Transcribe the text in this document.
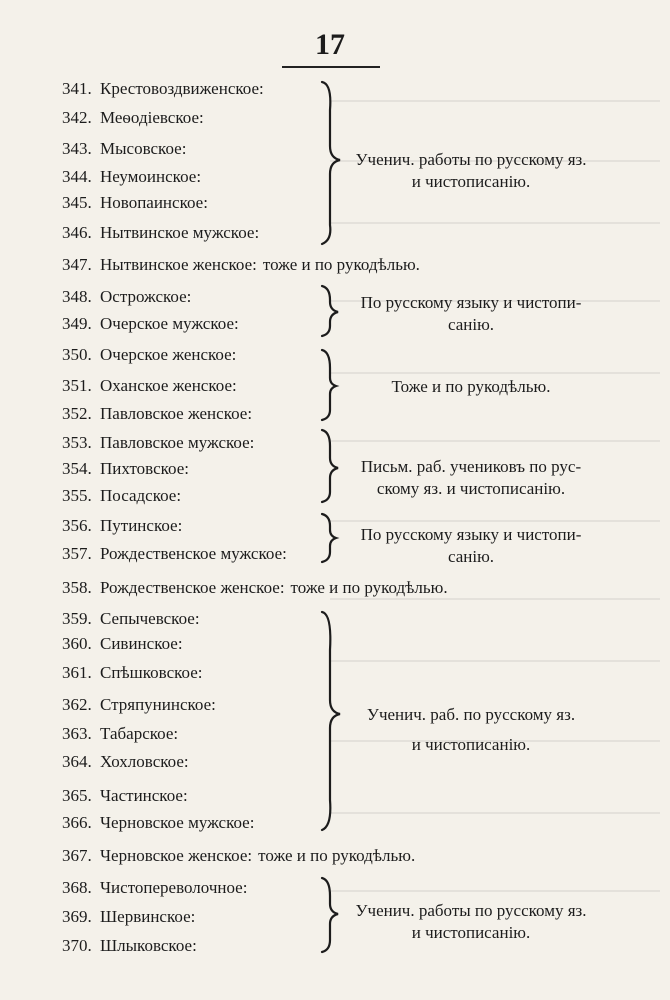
17
341. Крестовоздвиженское:
342. Меѳодіевское:
343. Мысовское:
344. Неумоинское:
345. Новопаинское:
346. Нытвинское мужское:
347. Нытвинское женское: тоже и по рукодѣлью.
348. Острожское:
349. Очерское мужское:
350. Очерское женское:
351. Оханское женское:
352. Павловское женское:
353. Павловское мужское:
354. Пихтовское:
355. Посадское:
356. Путинское:
357. Рождественское мужское:
358. Рождественское женское: тоже и по рукодѣлью.
359. Сепычевское:
360. Сивинское:
361. Спѣшковское:
362. Стряпунинское:
363. Табарское:
364. Хохловское:
365. Частинское:
366. Черновское мужское:
367. Черновское женское: тоже и по рукодѣлью.
368. Чистопереволочное:
369. Шервинское:
370. Шлыковское:
Ученич. работы по русскому яз.
и чистописанію.
По русскому языку и чистопи-
санію.
Тоже и по рукодѣлью.
Письм. раб. учениковъ по рус-
скому яз. и чистописанію.
По русскому языку и чистопи-
санію.
Ученич. раб. по русскому яз.
и чистописанію.
Ученич. работы по русскому яз.
и чистописанію.
